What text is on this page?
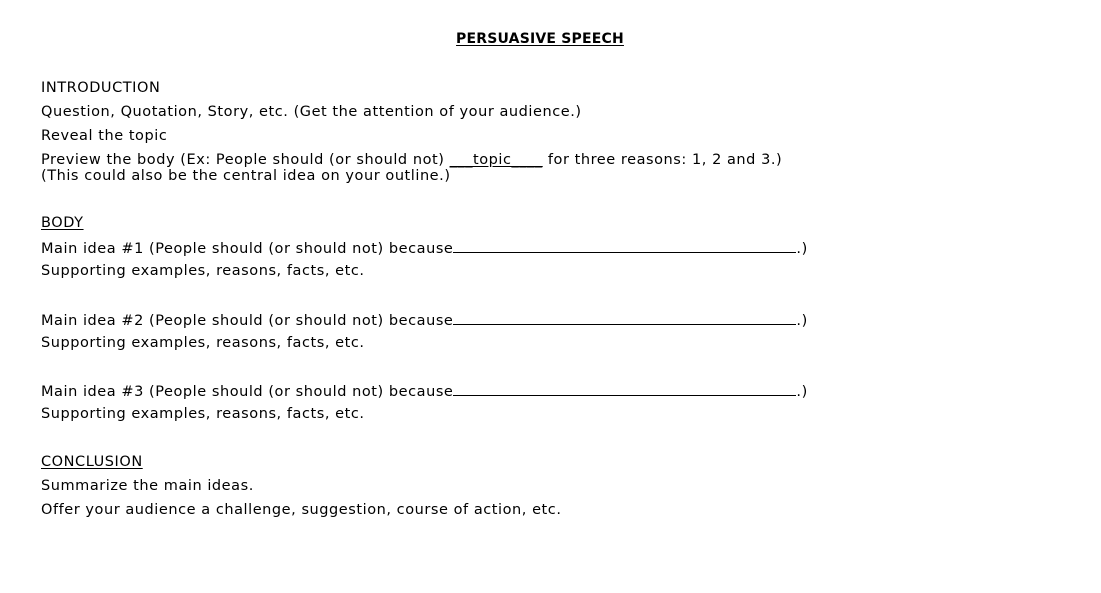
PERSUASIVE SPEECH
INTRODUCTION
Question, Quotation, Story, etc. (Get the attention of your audience.)
Reveal the topic
Preview the body (Ex: People should (or should not) ___topic____ for three reasons: 1, 2 and 3.)
(This could also be the central idea on your outline.)
BODY
Main idea #1 (People should (or should not) because	.)
Supporting examples, reasons, facts, etc.
Main idea #2 (People should (or should not) because	.)
Supporting examples, reasons, facts, etc.
Main idea #3 (People should (or should not) because	.)
Supporting examples, reasons, facts, etc.
CONCLUSION
Summarize the main ideas.
Offer your audience a challenge, suggestion, course of action, etc.
